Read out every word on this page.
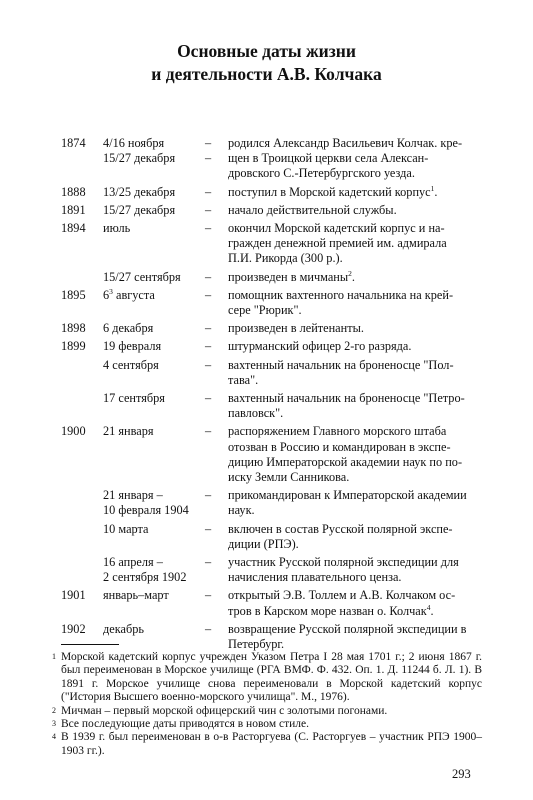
Основные даты жизни
и деятельности А.В. Колчака
1874	4/16 ноября	–	родился Александр Васильевич Колчак. кре-
15/27 декабря	–	щен в Троицкой церкви села Алексан-
дровского С.-Петербургского уезда.
1888	13/25 декабря	–	поступил в Морской кадетский корпус$^1$.
1891	15/27 декабря	–	начало действительной службы.
1894	июль	–	окончил Морской кадетский корпус и на-
гражден денежной премией им. адмирала
П.И. Рикорда (300 р.).
15/27 сентября	–	произведен в мичманы$^2$.
1895	$6^3$ августа	–	помощник вахтенного начальника на крей-
сере "Рюрик".
1898	6 декабря	–	произведен в лейтенанты.
1899	19 февраля	–	штурманский офицер 2-го разряда.
4 сентября	–	вахтенный начальник на броненосце "Пол-
тава".
17 сентября	–	вахтенный начальник на броненосце "Петро-
павловск".
1900	21 января	–	распоряжением Главного морского штаба
отозван в Россию и командирован в экспе-
дицию Императорской академии наук по по-
иску Земли Санникова.
21 января –	–	прикомандирован к Императорской академии
10 февраля 1904	наук.
10 марта	–	включен в состав Русской полярной экспе-
диции (РПЭ).
16 апреля –	–	участник Русской полярной экспедиции для
2 сентября 1902	начисления плавательного ценза.
1901	январь–март	–	открытый Э.В. Толлем и А.В. Колчаком ос-
тров в Карском море назван о. Колчак$^4$.
1902	декабрь	–	возвращение Русской полярной экспедиции в
Петербург.
1 Морской кадетский корпус учрежден Указом Петра I 28 мая 1701 г.; 2 июня 1867 г. был переименован в Морское училище (РГА ВМФ. Ф. 432. Оп. 1. Д. 11244 б. Л. 1). В 1891 г. Морское училище снова переименовали в Морской кадетский корпус ("История Высшего военно-морского училища". М., 1976).
2 Мичман – первый морской офицерский чин с золотыми погонами.
3 Все последующие даты приводятся в новом стиле.
4 В 1939 г. был переименован в о-в Расторгуева (С. Расторгуев – участник РПЭ 1900–1903 гг.).
293
